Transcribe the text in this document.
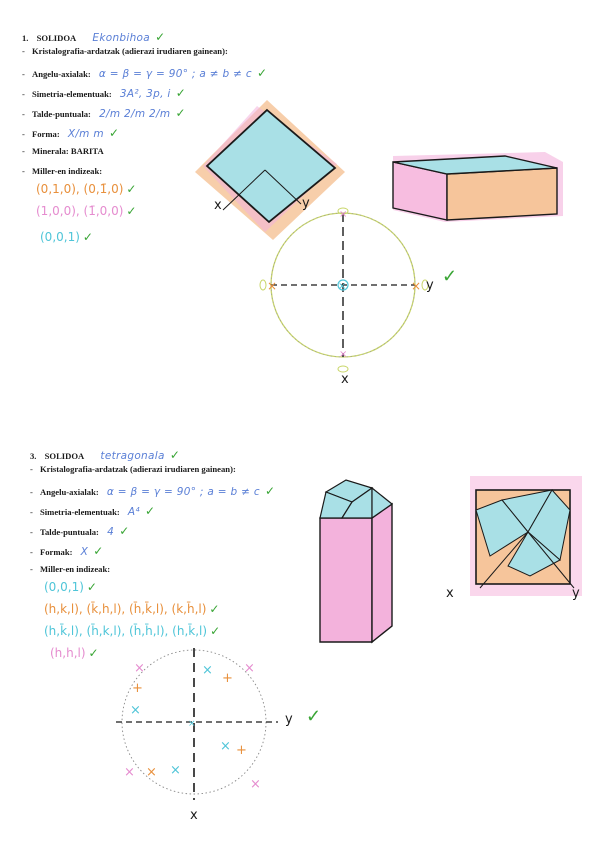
1. SOLIDOA Ekonbihoa ✓
- Kristalografia-ardatzak (adierazi irudiaren gainean):
- Angelu-axialak: α = β = γ = 90° ; a ≠ b ≠ c ✓
- Simetria-elementuak: 3A², 3p, i ✓
- Talde-puntuala: 2/m 2/m 2/m ✓
- Forma: X/m m ✓
- Minerala: BARITA
- Miller-en indizeak:
(0,1,0), (0,1̄,0) ✓
(1,0,0), (1̄,0,0) ✓
(0,0,1) ✓
x	y
×
×	×
×
×
y
x
✓
3. SOLIDOA tetragonala ✓
- Kristalografia-ardatzak (adierazi irudiaren gainean):
- Angelu-axialak: α = β = γ = 90° ; a = b ≠ c ✓
- Simetria-elementuak: A⁴ ✓
- Talde-puntuala: 4 ✓
- Formak: X ✓
- Miller-en indizeak:
(0,0,1) ✓
(h,k,l), (k̄,h,l), (h̄,k̄,l), (k,h̄,l) ✓
(h,k̄,l), (h̄,k,l), (h̄,h̄,l), (h,k̄,l) ✓
(h,h,l) ✓
x	y
×
×	×
×
×
×
+
+
×
× +
× ×
y
x
✓
